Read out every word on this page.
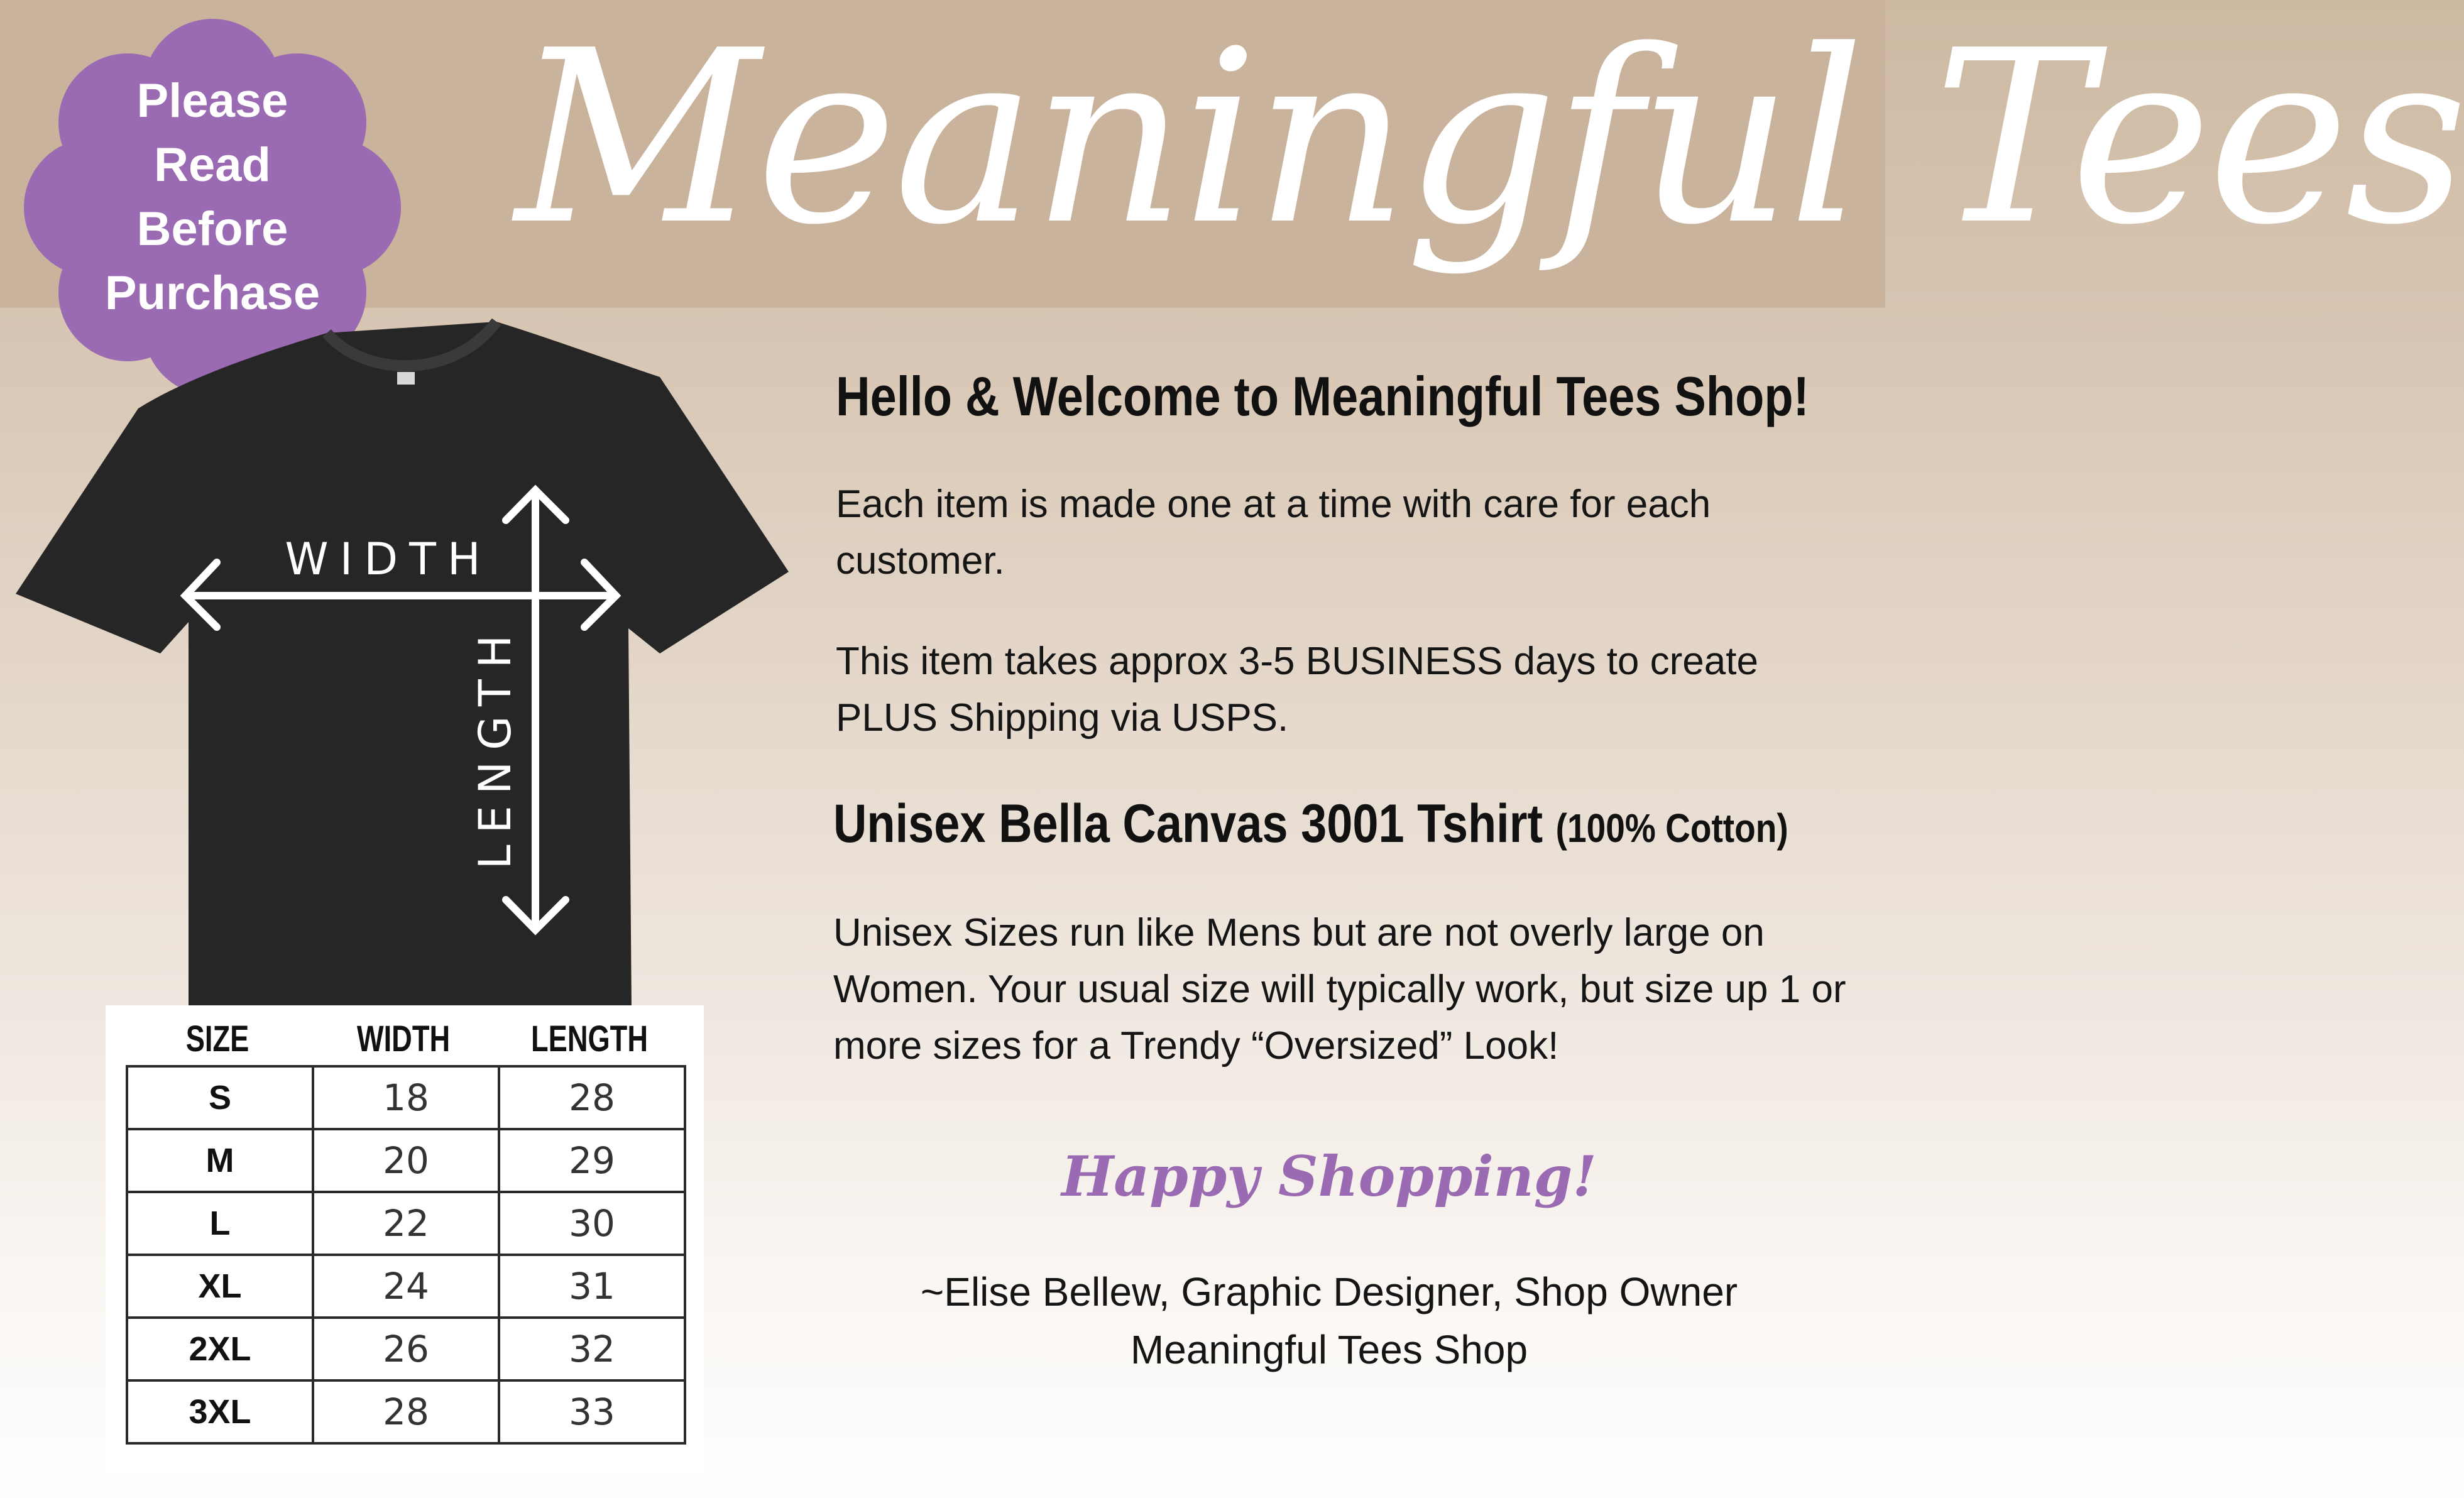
Meaningful Tees
Please
Read
Before
Purchase
WIDTH
LENGTH
SIZE	WIDTH	LENGTH
S	18	28
M	20	29
L	22	30
XL	24	31
2XL	26	32
3XL	28	33
Hello & Welcome to Meaningful Tees Shop!
Each item is made one at a time with care for each customer.
This item takes approx 3-5 BUSINESS days to create PLUS Shipping via USPS.
Unisex Bella Canvas 3001 Tshirt (100% Cotton)
Unisex Sizes run like Mens but are not overly large on Women. Your usual size will typically work, but size up 1 or more sizes for a Trendy “Oversized” Look!
Happy Shopping!
~Elise Bellew, Graphic Designer, Shop Owner
Meaningful Tees Shop
